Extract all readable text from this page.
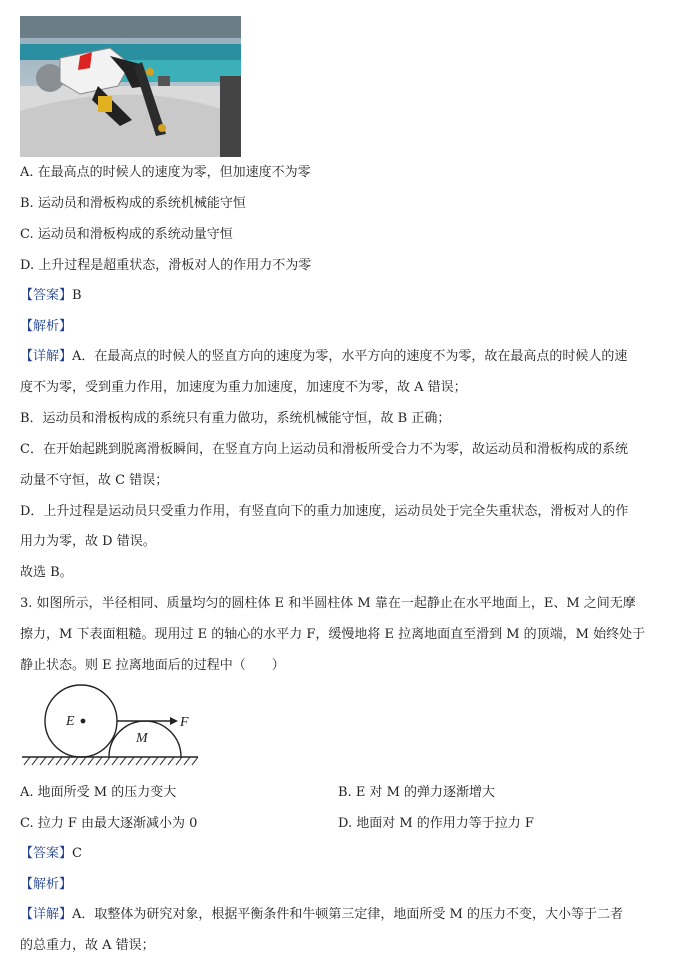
A. 在最高点的时候人的速度为零，但加速度不为零
B. 运动员和滑板构成的系统机械能守恒
C. 运动员和滑板构成的系统动量守恒
D. 上升过程是超重状态，滑板对人的作用力不为零
【答案】B
【解析】
【详解】A．在最高点的时候人的竖直方向的速度为零，水平方向的速度不为零，故在最高点的时候人的速
度不为零，受到重力作用，加速度为重力加速度，加速度不为零，故 A 错误；
B．运动员和滑板构成的系统只有重力做功，系统机械能守恒，故 B 正确；
C．在开始起跳到脱离滑板瞬间，在竖直方向上运动员和滑板所受合力不为零，故运动员和滑板构成的系统
动量不守恒，故 C 错误；
D．上升过程是运动员只受重力作用，有竖直向下的重力加速度，运动员处于完全失重状态，滑板对人的作
用力为零，故 D 错误。
故选 B。
3. 如图所示，半径相同、质量均匀的圆柱体 E 和半圆柱体 M 靠在一起静止在水平地面上，E、M 之间无摩
擦力，M 下表面粗糙。现用过 E 的轴心的水平力 F，缓慢地将 E 拉离地面直至滑到 M 的顶端，M 始终处于
静止状态。则 E 拉离地面后的过程中（　　）
E
M
F
A. 地面所受 M 的压力变大	B. E 对 M 的弹力逐渐增大
C. 拉力 F 由最大逐渐减小为 0	D. 地面对 M 的作用力等于拉力 F
【答案】C
【解析】
【详解】A．取整体为研究对象，根据平衡条件和牛顿第三定律，地面所受 M 的压力不变，大小等于二者
的总重力，故 A 错误；
